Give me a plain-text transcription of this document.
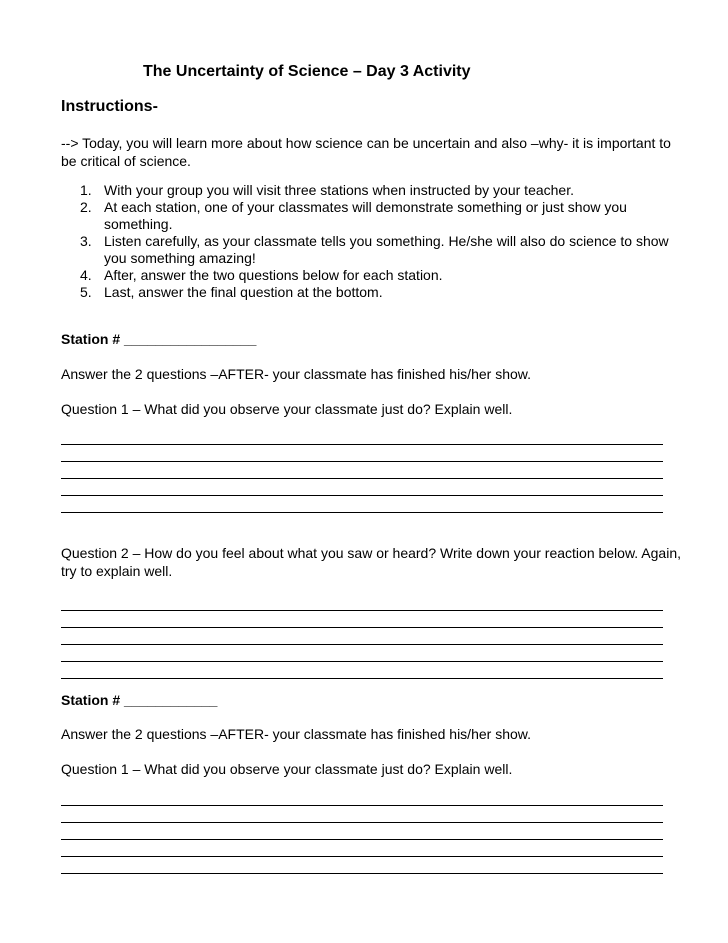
The Uncertainty of Science – Day 3 Activity
Instructions-
--> Today, you will learn more about how science can be uncertain and also –why- it is important to be critical of science.
1. With your group you will visit three stations when instructed by your teacher.
2. At each station, one of your classmates will demonstrate something or just show you something.
3. Listen carefully, as your classmate tells you something. He/she will also do science to show you something amazing!
4. After, answer the two questions below for each station.
5. Last, answer the final question at the bottom.
Station # _________________
Answer the 2 questions –AFTER- your classmate has finished his/her show.
Question 1 – What did you observe your classmate just do? Explain well.
Question 2 – How do you feel about what you saw or heard? Write down your reaction below. Again, try to explain well.
Station # ____________
Answer the 2 questions –AFTER- your classmate has finished his/her show.
Question 1 – What did you observe your classmate just do? Explain well.
